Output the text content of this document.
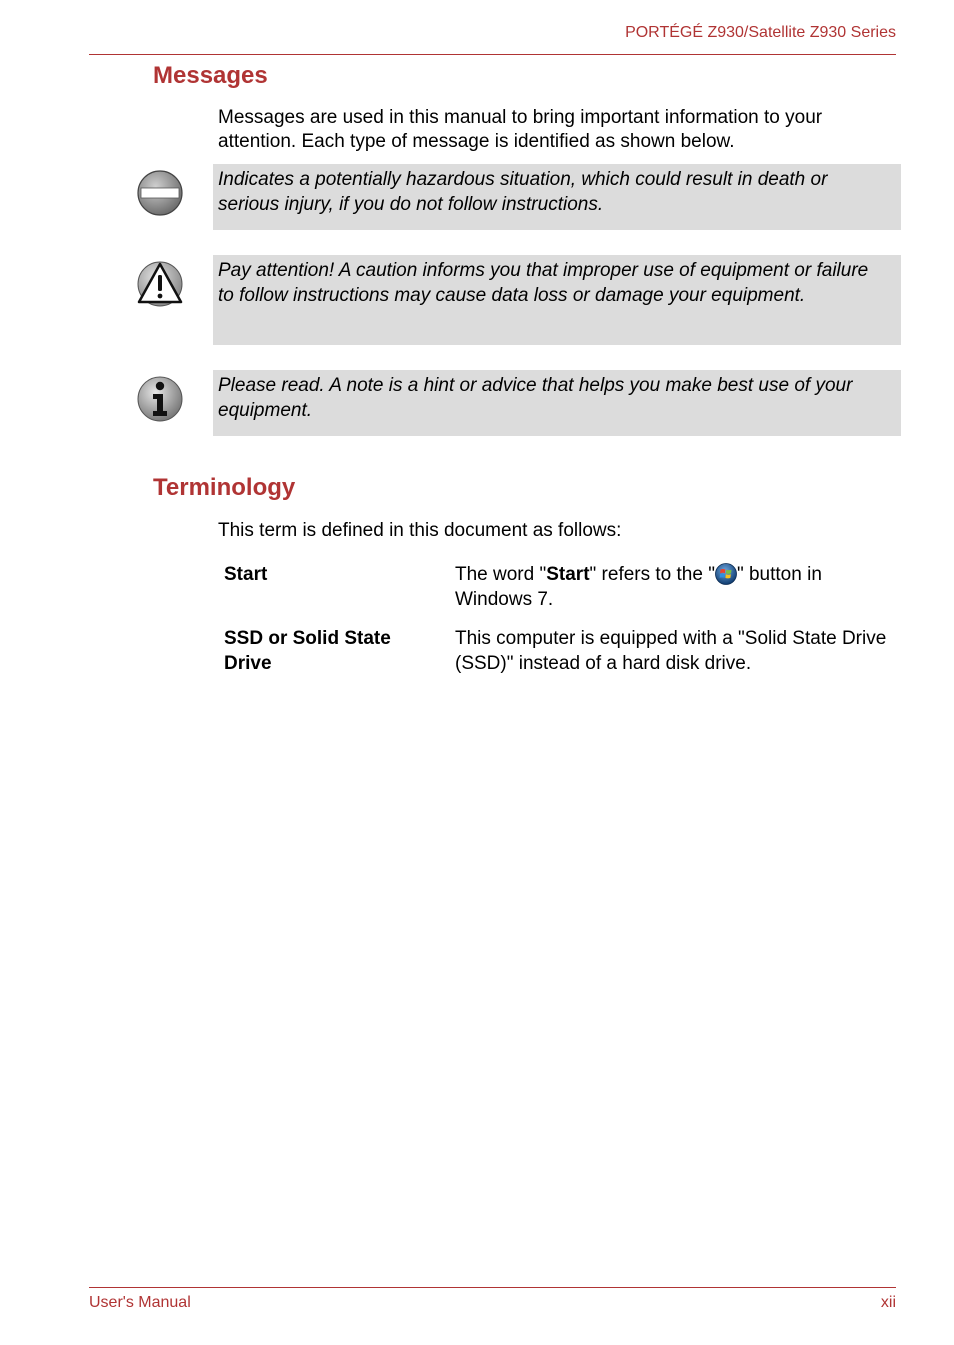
PORTÉGÉ Z930/Satellite Z930 Series
Messages

Messages are used in this manual to bring important information to your attention. Each type of message is identified as shown below.

Indicates a potentially hazardous situation, which could result in death or serious injury, if you do not follow instructions.

Pay attention! A caution informs you that improper use of equipment or failure to follow instructions may cause data loss or damage your equipment.

Please read. A note is a hint or advice that helps you make best use of your equipment.

Terminology

This term is defined in this document as follows:

Start	The word "Start" refers to the " " button in Windows 7.
SSD or Solid State Drive
This computer is equipped with a "Solid State Drive (SSD)" instead of a hard disk drive.
User's Manual	xii
